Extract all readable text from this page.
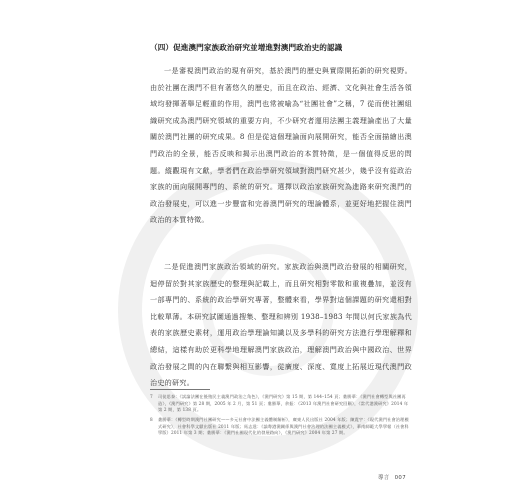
（四）促進澳門家族政治研究並增進對澳門政治史的認識

一是審視澳門政治的現有研究，基於澳門的歷史與實際開拓新的研究視野。由於社團在澳門不但有著悠久的歷史，而且在政治、經濟、文化與社會生活各領域均發揮著舉足輕重的作用，澳門也常被喻為“社團社會”之稱，7 從而使社團組織研究成為澳門研究領域的重要方向，不少研究者運用法團主義理論產出了大量關於澳門社團的研究成果。8 但是從這個理論面向展開研究，能否全面描繪出澳門政治的全景，能否反映和揭示出澳門政治的本質特徵，是一個值得反思的問題。縱觀現有文獻，學者們在政治學研究領域對澳門研究甚少，幾乎沒有從政治家族的面向展開專門的、系統的研究。選擇以政治家族研究為進路來研究澳門的政治發展史，可以進一步豐富和完善澳門研究的理論體系，並更好地把握住澳門政治的本質特徵。

二是促進澳門家族政治領域的研究。家族政治與澳門政治發展的相關研究，迴停留於對其家族歷史的整理與記載上，而且研究相對零散和重複疊加，並沒有一部專門的、系統的政治學研究專著，整體來看，學界對這個課題的研究還相對比較單薄。本研究試圖通過搜集、整理和辨別 1938–1983 年間以何氏家族為代表的家族歷史素材，運用政治學理論知識以及多學科的研究方法進行學理解釋和總結，這樣有助於更科學地理解澳門家族政治，理解澳門政治與中國政治、世界政治發展之間的內在聯繫與相互影響，從廣度、深度、寬度上拓展近現代澳門政治史的研究。

7 司徒思泰：《試論法團在後殖民主義澳門政治之角色》，《澳門研究》第 15 期，第 144–154 頁；婁勝華：《澳門社會轉型與社團再造》，《澳門研究》第 28 期，2005 年 2 月，第 51 頁；婁勝華，余振：《2013 年澳門社會研究回顧》，《當代港澳研究》2014 年第 2 期，第 138 頁。
8 婁勝華：《轉型時期澳門社團研究——多元社會中法團主義體制解析》，廣東人民出版社 2004 年版；陳震宇：《現代澳門社會治理模式研究》，社會科學文獻出版社 2011 年版；馬志達：《論粵港澳關係與澳門社會治理的法團主義模式》，華南師範大學學報（社會科學版）2011 年第 3 期；婁勝華：《澳門社團現代化的發展路向》，《澳門研究》2004 年第 27 期。
導言 007
